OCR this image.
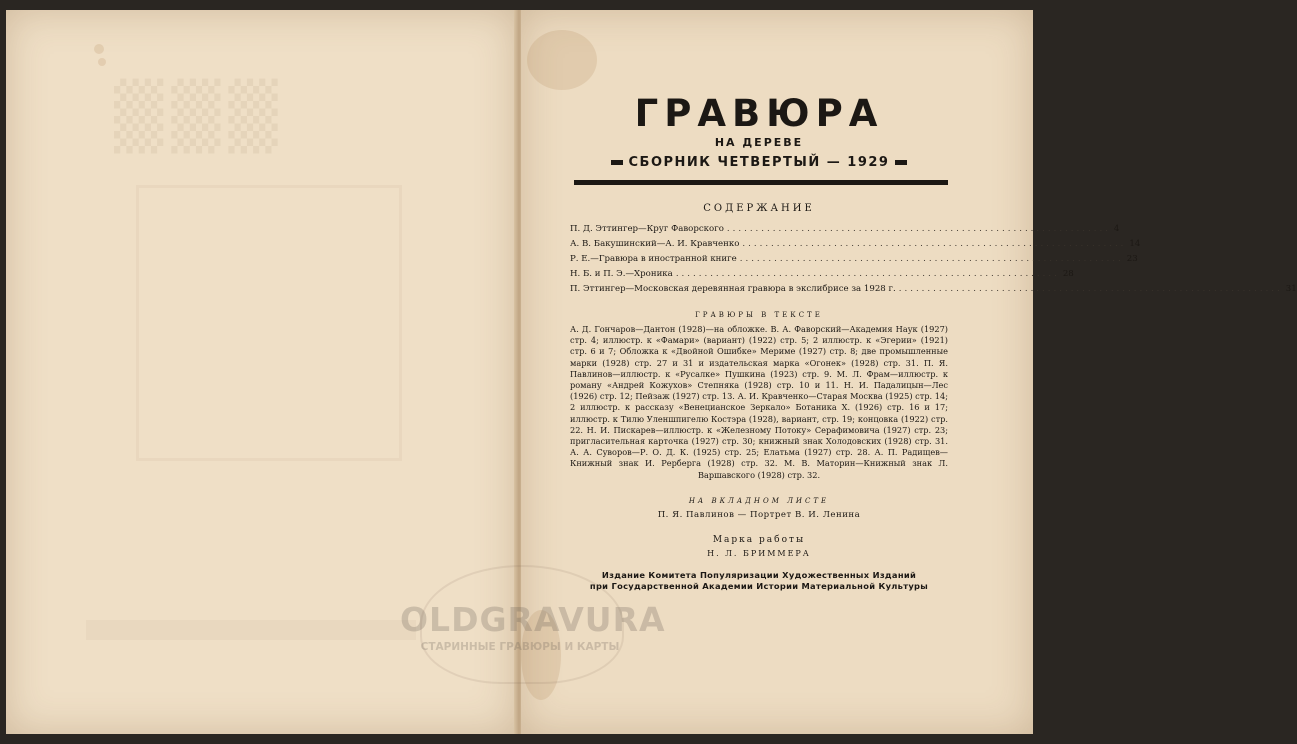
▒▒▒	ГРАВЮРА
НА ДЕРЕВЕ
СБОРНИК ЧЕТВЕРТЫЙ — 1929
СОДЕРЖАНИЕ
П. Д. Эттингер—Круг Фаворского ................................................................... 4
А. В. Бакушинский—А. И. Кравченко ................................................................... 14
Р. Е.—Гравюра в иностранной книге ................................................................... 23
Н. Б. и П. Э.—Хроника ................................................................... 28
П. Эттингер—Московская деревянная гравюра в экслибрисе за 1928 г. ................................................................... 31
ГРАВЮРЫ В ТЕКСТЕ
А. Д. Гончаров—Дантон (1928)—на обложке. В. А. Фаворский—Академия Наук (1927) стр. 4; иллюстр. к «Фамари» (вариант) (1922) стр. 5; 2 иллюстр. к «Эгерии» (1921) стр. 6 и 7; Обложка к «Двойной Ошибке» Мериме (1927) стр. 8; две промышленные марки (1928) стр. 27 и 31 и издательская марка «Огонек» (1928) стр. 31. П. Я. Павлинов—иллюстр. к «Русалке» Пушкина (1923) стр. 9. М. Л. Фрам—иллюстр. к роману «Андрей Кожухов» Степняка (1928) стр. 10 и 11. Н. И. Падалицын—Лес (1926) стр. 12; Пейзаж (1927) стр. 13. А. И. Кравченко—Старая Москва (1925) стр. 14; 2 иллюстр. к рассказу «Венецианское Зеркало» Ботаника Х. (1926) стр. 16 и 17; иллюстр. к Тилю Уленшпигелю Костэра (1928), вариант, стр. 19; концовка (1922) стр. 22. Н. И. Пискарев—иллюстр. к «Железному Потоку» Серафимовича (1927) стр. 23; пригласительная карточка (1927) стр. 30; книжный знак Холодовских (1928) стр. 31. А. А. Суворов—Р. О. Д. К. (1925) стр. 25; Елатьма (1927) стр. 28. А. П. Радищев—Книжный знак И. Рерберга (1928) стр. 32. М. В. Маторин—Книжный знак Л. Варшавского (1928) стр. 32.
НА ВКЛАДНОМ ЛИСТЕ
П. Я. Павлинов — Портрет В. И. Ленина
Марка работы
Н. Л. БРИММЕРА
Издание Комитета Популяризации Художественных Изданий
при Государственной Академии Истории Материальной Культуры
OLDGRAVURA
СТАРИННЫЕ ГРАВЮРЫ И КАРТЫ
